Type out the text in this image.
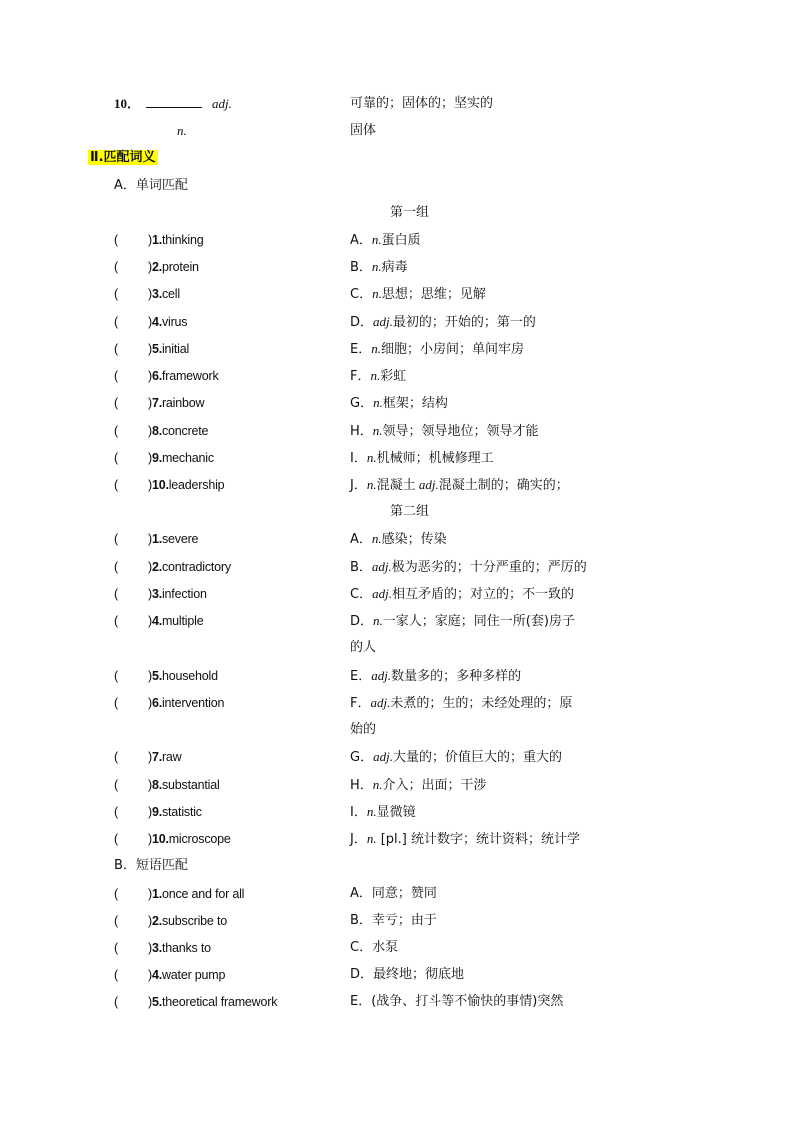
10．	adj.	可靠的；固体的；坚实的
n.	固体
Ⅱ.匹配词义
A．单词匹配
第一组
( )1.thinking	A．n.蛋白质
( )2.protein	B．n.病毒
( )3.cell	C．n.思想；思维；见解
( )4.virus	D．adj.最初的；开始的；第一的
( )5.initial	E．n.细胞；小房间；单间牢房
( )6.framework	F．n.彩虹
( )7.rainbow	G．n.框架；结构
( )8.concrete	H．n.领导；领导地位；领导才能
( )9.mechanic	I．n.机械师；机械修理工
( )10.leadership	J．n.混凝土 adj.混凝土制的；确实的；
第二组
( )1.severe	A．n.感染；传染
( )2.contradictory	B．adj.极为恶劣的；十分严重的；严厉的
( )3.infection	C．adj.相互矛盾的；对立的；不一致的
( )4.multiple	D．n.一家人；家庭；同住一所(套)房子
的人
( )5.household	E．adj.数量多的；多种多样的
( )6.intervention	F．adj.未煮的；生的；未经处理的；原
始的
( )7.raw	G．adj.大量的；价值巨大的；重大的
( )8.substantial	H．n.介入；出面；干涉
( )9.statistic	I．n.显微镜
( )10.microscope	J．n. [pl.] 统计数字；统计资料；统计学
B．短语匹配
( )1.once and for all	A．同意；赞同
( )2.subscribe to	B．幸亏；由于
( )3.thanks to	C．水泵
( )4.water pump	D．最终地；彻底地
( )5.theoretical framework	E．(战争、打斗等不愉快的事情)突然
